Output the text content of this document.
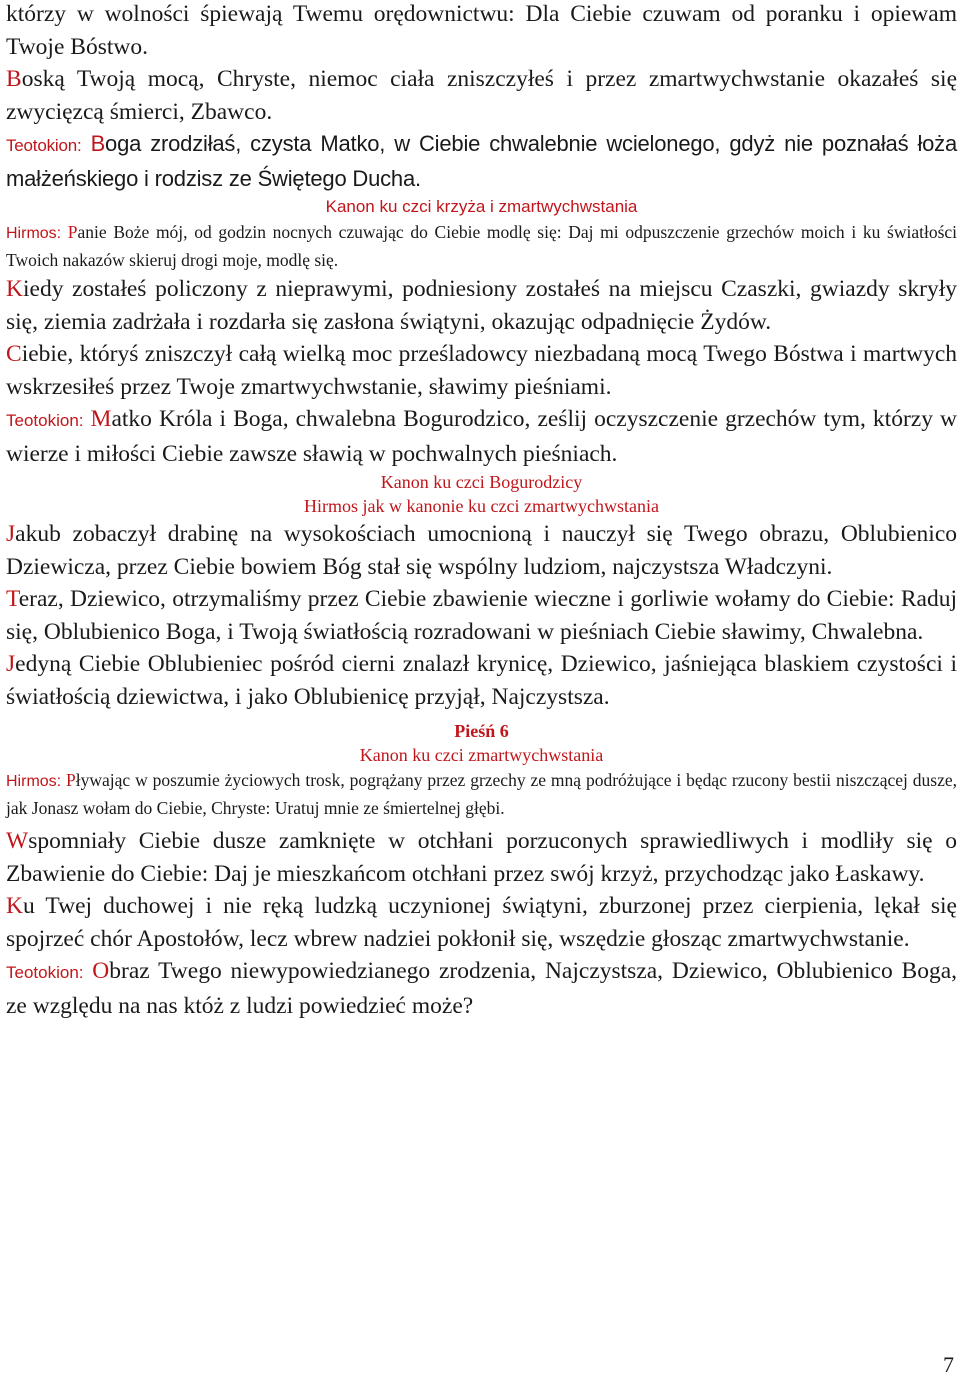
którzy w wolności śpiewają Twemu orędownictwu: Dla Ciebie czuwam od poranku i opiewam Twoje Bóstwo.

Boską Twoją mocą, Chryste, niemoc ciała zniszczyłeś i przez zmartwychwstanie okazałeś się zwycięzcą śmierci, Zbawco.

Teotokion: Boga zrodziłaś, czysta Matko, w Ciebie chwalebnie wcielonego, gdyż nie poznałaś łoża małżeńskiego i rodzisz ze Świętego Ducha.

Kanon ku czci krzyża i zmartwychwstania

Hirmos: Panie Boże mój, od godzin nocnych czuwając do Ciebie modlę się: Daj mi odpuszczenie grzechów moich i ku światłości Twoich nakazów skieruj drogi moje, modlę się.

Kiedy zostałeś policzony z nieprawymi, podniesiony zostałeś na miejscu Czaszki, gwiazdy skryły się, ziemia zadrżała i rozdarła się zasłona świątyni, okazując odpadnięcie Żydów.

Ciebie, któryś zniszczył całą wielką moc prześladowcy niezbadaną mocą Twego Bóstwa i martwych wskrzesiłeś przez Twoje zmartwychwstanie, sławimy pieśniami.

Teotokion: Matko Króla i Boga, chwalebna Bogurodzico, ześlij oczyszczenie grzechów tym, którzy w wierze i miłości Ciebie zawsze sławią w pochwalnych pieśniach.

Kanon ku czci Bogurodzicy

Hirmos jak w kanonie ku czci zmartwychwstania

Jakub zobaczył drabinę na wysokościach umocnioną i nauczył się Twego obrazu, Oblubienico Dziewicza, przez Ciebie bowiem Bóg stał się wspólny ludziom, najczystsza Władczyni.

Teraz, Dziewico, otrzymaliśmy przez Ciebie zbawienie wieczne i gorliwie wołamy do Ciebie: Raduj się, Oblubienico Boga, i Twoją światłością rozradowani w pieśniach Ciebie sławimy, Chwalebna.

Jedyną Ciebie Oblubieniec pośród cierni znalazł krynicę, Dziewico, jaśniejąca blaskiem czystości i światłością dziewictwa, i jako Oblubienicę przyjął, Najczystsza.

Pieśń 6

Kanon ku czci zmartwychwstania

Hirmos: Pływając w poszumie życiowych trosk, pogrążany przez grzechy ze mną podróżujące i będąc rzucony bestii niszczącej dusze, jak Jonasz wołam do Ciebie, Chryste: Uratuj mnie ze śmiertelnej głębi.

Wspomniały Ciebie dusze zamknięte w otchłani porzuconych sprawiedliwych i modliły się o Zbawienie do Ciebie: Daj je mieszkańcom otchłani przez swój krzyż, przychodząc jako Łaskawy.

Ku Twej duchowej i nie ręką ludzką uczynionej świątyni, zburzonej przez cierpienia, lękał się spojrzeć chór Apostołów, lecz wbrew nadziei pokłonił się, wszędzie głosząc zmartwychwstanie.

Teotokion: Obraz Twego niewypowiedzianego zrodzenia, Najczystsza, Dziewico, Oblubienico Boga, ze względu na nas któż z ludzi powiedzieć może?

7
